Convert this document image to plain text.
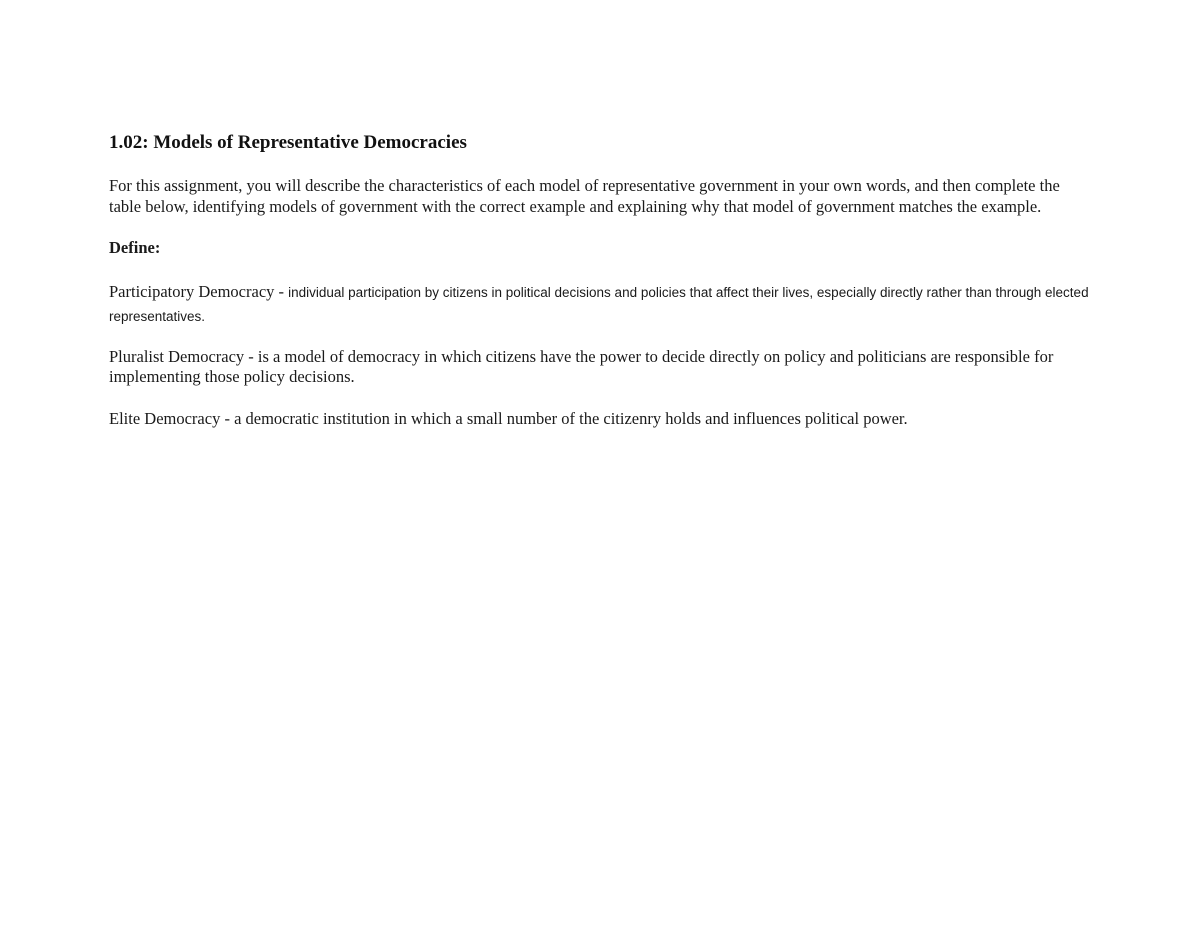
1.02: Models of Representative Democracies
For this assignment, you will describe the characteristics of each model of representative government in your own words, and then complete the table below, identifying models of government with the correct example and explaining why that model of government matches the example.
Define:
Participatory Democracy - individual participation by citizens in political decisions and policies that affect their lives, especially directly rather than through elected representatives.
Pluralist Democracy - is a model of democracy in which citizens have the power to decide directly on policy and politicians are responsible for implementing those policy decisions.
Elite Democracy - a democratic institution in which a small number of the citizenry holds and influences political power.
